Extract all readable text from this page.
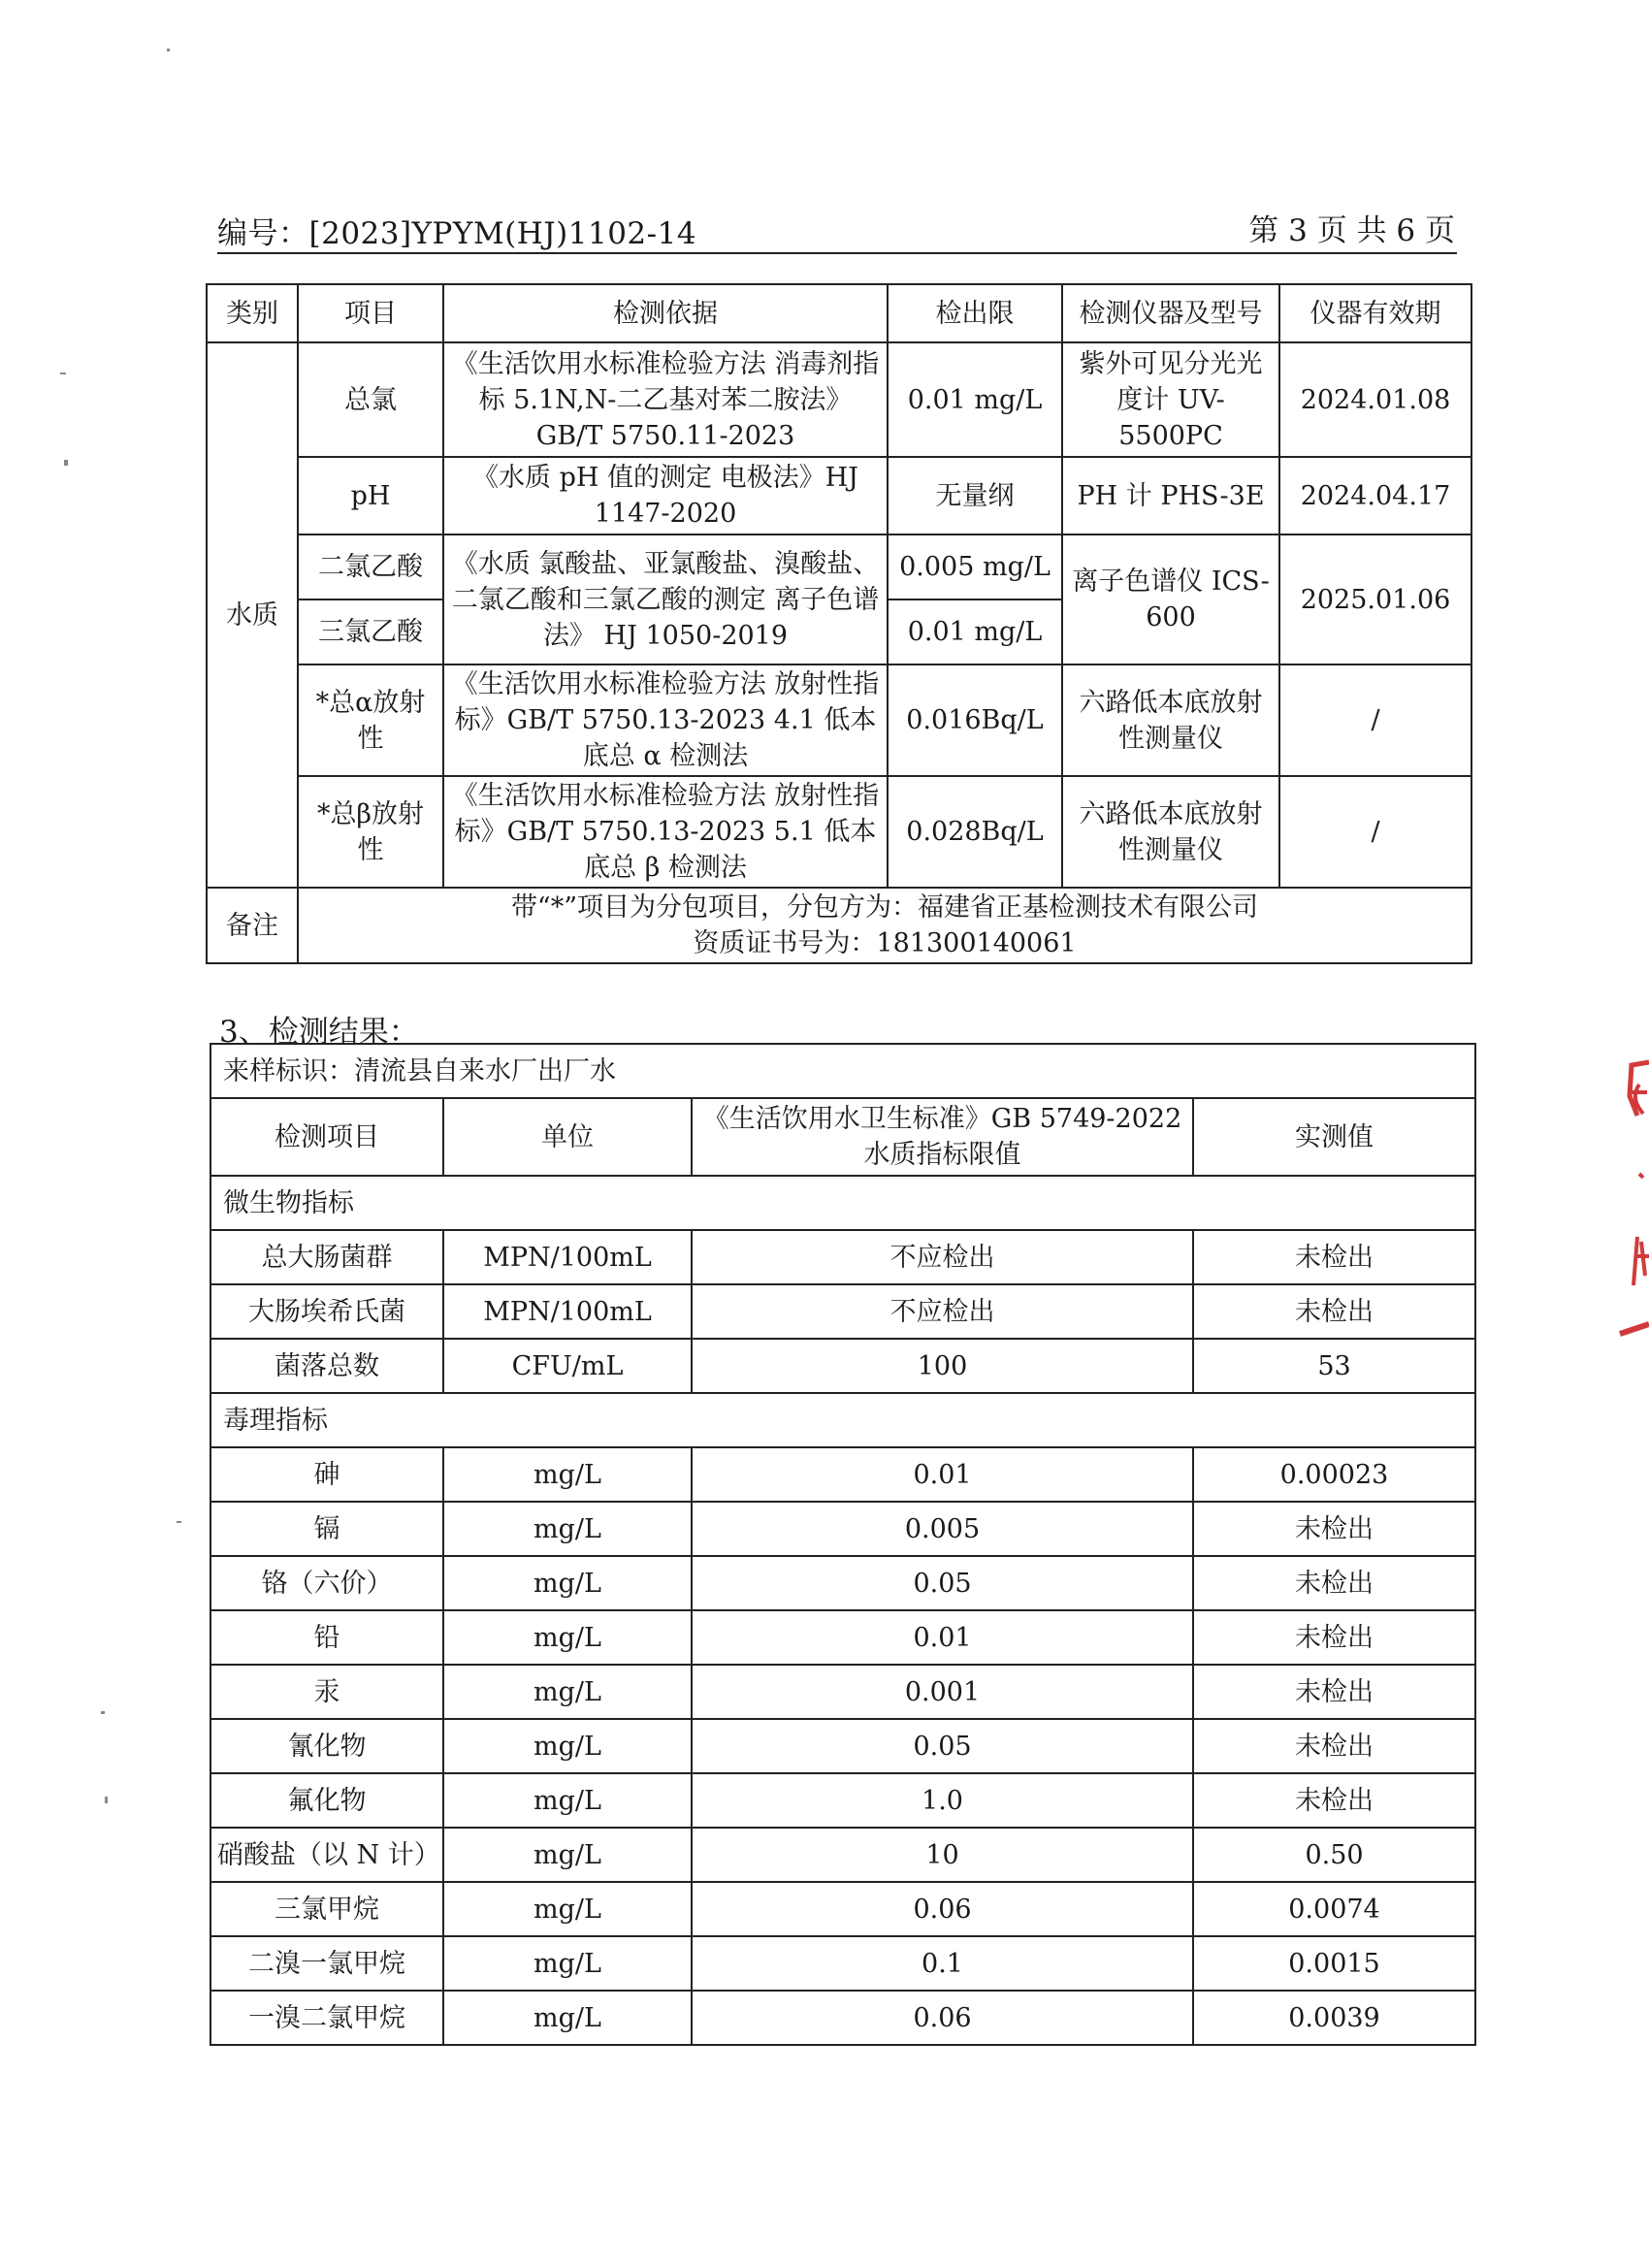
编号：[2023]YPYM(HJ)1102-14	第 3 页 共 6 页
类别	项目	检测依据	检出限	检测仪器及型号	仪器有效期
水质	总氯	《生活饮用水标准检验方法 消毒剂指标 5.1N,N-二乙基对苯二胺法》GB/T 5750.11-2023	0.01 mg/L	紫外可见分光光度计 UV-5500PC	2024.01.08
	pH	《水质 pH 值的测定 电极法》HJ 1147-2020	无量纲	PH 计 PHS-3E	2024.04.17
	二氯乙酸	《水质 氯酸盐、亚氯酸盐、溴酸盐、二氯乙酸和三氯乙酸的测定 离子色谱法》 HJ 1050-2019	0.005 mg/L	离子色谱仪 ICS-600	2025.01.06
	三氯乙酸		0.01 mg/L		
	*总α放射性	《生活饮用水标准检验方法 放射性指标》GB/T 5750.13-2023 4.1 低本底总 α 检测法	0.016Bq/L	六路低本底放射性测量仪	/
	*总β放射性	《生活饮用水标准检验方法 放射性指标》GB/T 5750.13-2023 5.1 低本底总 β 检测法	0.028Bq/L	六路低本底放射性测量仪	/
备注	带“*”项目为分包项目，分包方为：福建省正基检测技术有限公司
资质证书号为：181300140061				
3、检测结果：
来样标识：清流县自来水厂出厂水			
检测项目	单位	《生活饮用水卫生标准》GB 5749-2022 水质指标限值	实测值
微生物指标			
总大肠菌群	MPN/100mL	不应检出	未检出
大肠埃希氏菌	MPN/100mL	不应检出	未检出
菌落总数	CFU/mL	100	53
毒理指标			
砷	mg/L	0.01	0.00023
镉	mg/L	0.005	未检出
铬（六价）	mg/L	0.05	未检出
铅	mg/L	0.01	未检出
汞	mg/L	0.001	未检出
氰化物	mg/L	0.05	未检出
氟化物	mg/L	1.0	未检出
硝酸盐（以 N 计）	mg/L	10	0.50
三氯甲烷	mg/L	0.06	0.0074
二溴一氯甲烷	mg/L	0.1	0.0015
一溴二氯甲烷	mg/L	0.06	0.0039
